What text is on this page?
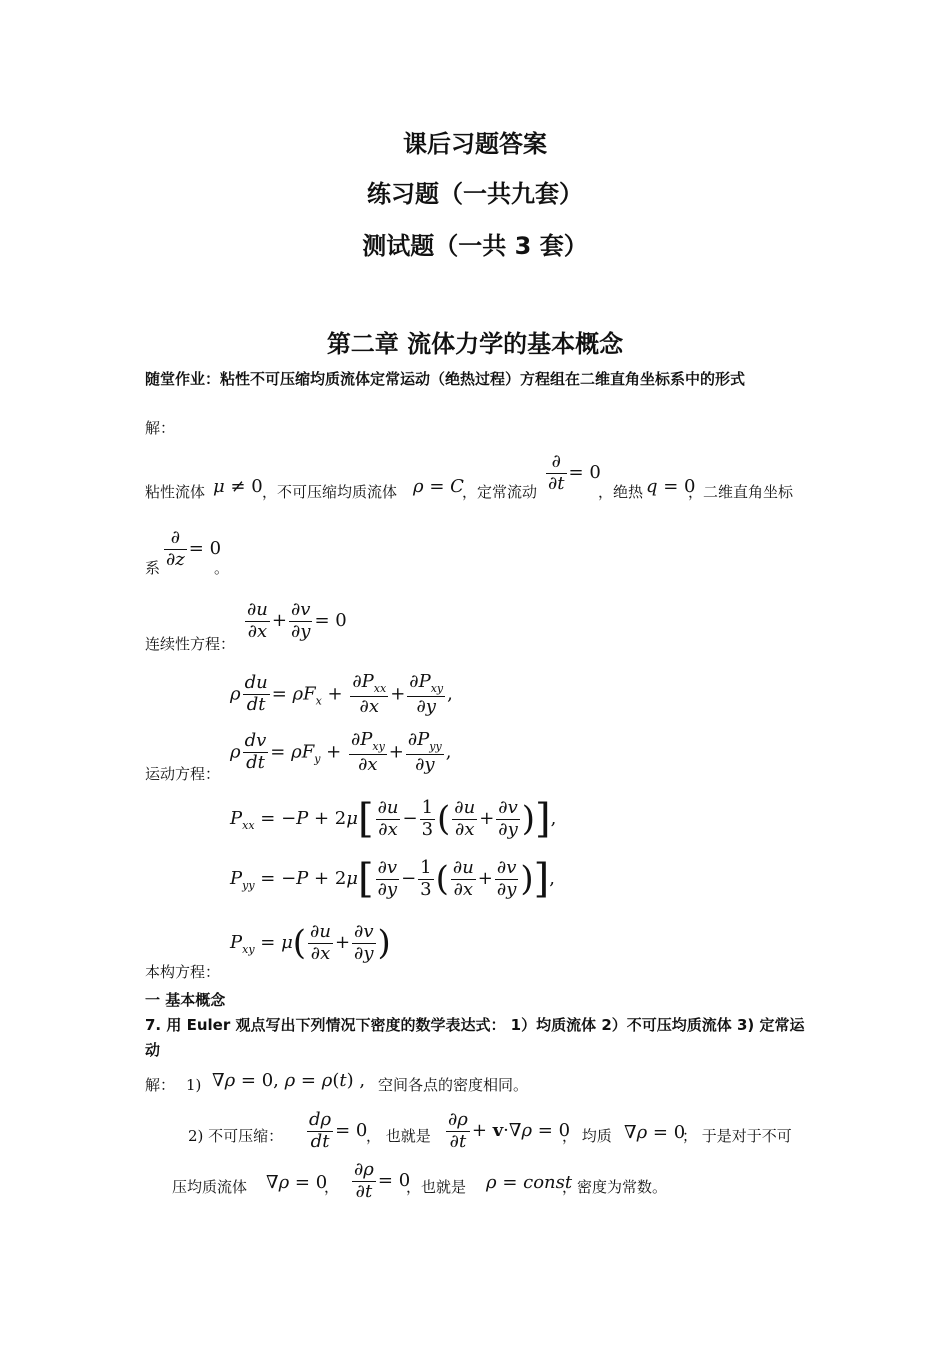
课后习题答案
练习题（一共九套）
测试题（一共 3 套）
第二章 流体力学的基本概念
随堂作业：粘性不可压缩均质流体定常运动（绝热过程）方程组在二维直角坐标系中的形式
解：
粘性流体 μ ≠ 0 ，不可压缩均质流体 ρ = C
，定常流动 $\frac{\partial}{\partial t} = 0$
，绝热 q = 0
，二维直角坐标
系 $\frac{\partial}{\partial z} = 0$
。
连续性方程：
$\frac{\partial u}{\partial x} + \frac{\partial v}{\partial y} = 0$
ρ $\frac{du}{dt} = \rho F_x + \frac{\partial P_{xx}}{\partial x} + \frac{\partial P_{xy}}{\partial y}$ ,
ρ $\frac{dv}{dt} = \rho F_y + \frac{\partial P_{xy}}{\partial x} + \frac{\partial P_{yy}}{\partial y}$ ,
运动方程：
$P_{xx} = -P + 2\mu[ \frac{\partial u}{\partial x} - \frac{1}{3}$ ( $\frac{\partial u}{\partial x} + \frac{\partial v}{\partial y}$ )],
$P_{yy} = -P + 2\mu[ \frac{\partial v}{\partial y} - \frac{1}{3}$ ( $\frac{\partial u}{\partial x} + \frac{\partial v}{\partial y}$ )],
$P_{xy} = \mu( \frac{\partial u}{\partial x} + \frac{\partial v}{\partial y}$ )
本构方程：
一 基本概念
7. 用 Euler 观点写出下列情况下密度的数学表达式： 1）均质流体 2）不可压均质流体 3) 定常运动
解： 1) ∇ρ = 0, ρ = ρ(t) , 空间各点的密度相同。
2) 不可压缩： $\frac{d\rho}{dt} = 0$
， 也就是 $\frac{\partial\rho}{\partial t} + v\cdot\nabla\rho = 0$
， 均质 ∇ρ = 0
； 于是对于不可
压均质流体 ∇ρ = 0
， $\frac{\partial\rho}{\partial t} = 0$
，也就是 ρ = const
，密度为常数。
